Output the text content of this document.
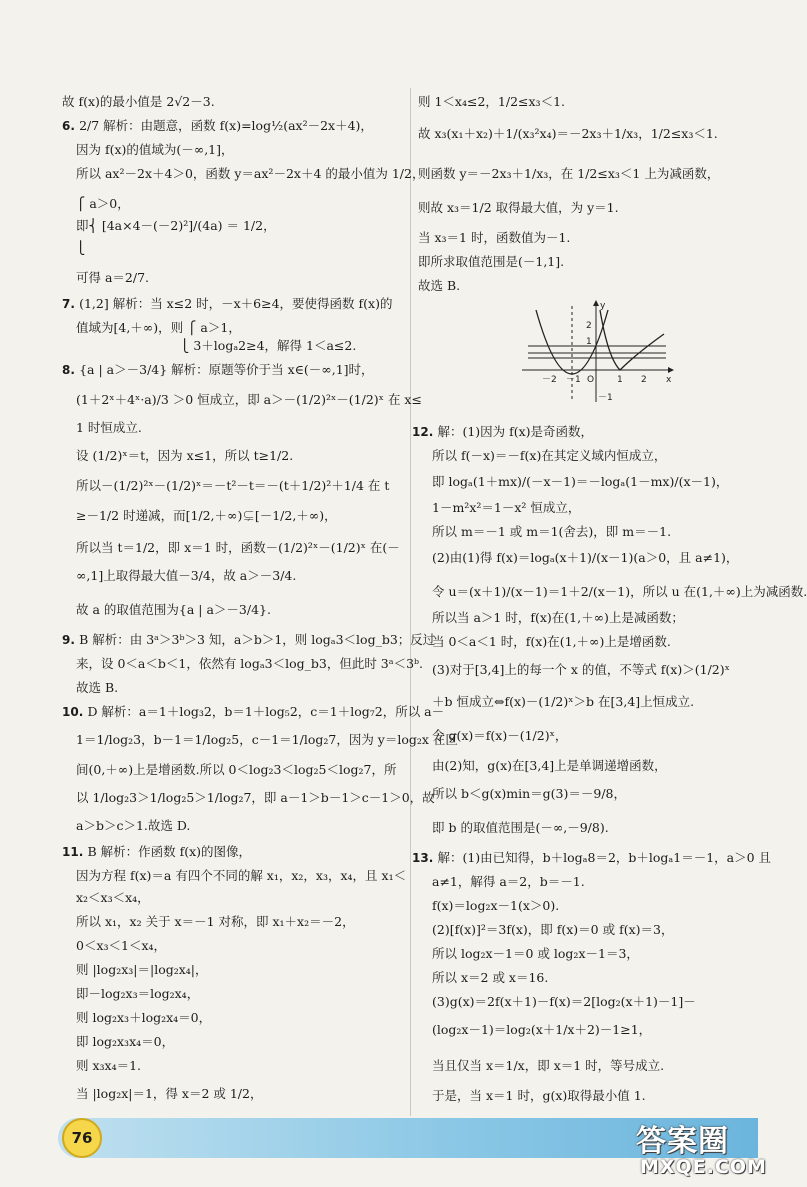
故 f(x)的最小值是 2√2－3.
6. 2/7 解析：由题意，函数 f(x)=log½(ax²－2x＋4)，
因为 f(x)的值域为(－∞,1]，
所以 ax²－2x＋4＞0，函数 y＝ax²－2x＋4 的最小值为 1/2，
⎧ a＞0，
即⎨ [4a×4－(－2)²]/(4a) ＝ 1/2，
⎩
可得 a＝2/7.
7. (1,2] 解析：当 x≤2 时，－x＋6≥4，要使得函数 f(x)的
值域为[4,＋∞)，则 ⎧ a＞1，
⎩ 3＋logₐ2≥4，解得 1＜a≤2.
8. {a | a＞－3/4} 解析：原题等价于当 x∈(－∞,1]时，
(1＋2ˣ＋4ˣ·a)/3 ＞0 恒成立，即 a＞－(1/2)²ˣ－(1/2)ˣ 在 x≤
1 时恒成立.
设 (1/2)ˣ＝t，因为 x≤1，所以 t≥1/2.
所以－(1/2)²ˣ－(1/2)ˣ＝－t²－t＝－(t＋1/2)²＋1/4 在 t
≥－1/2 时递减，而[1/2,＋∞)⊊[－1/2,＋∞)，
所以当 t＝1/2，即 x＝1 时，函数－(1/2)²ˣ－(1/2)ˣ 在(－
∞,1]上取得最大值－3/4，故 a＞－3/4.
故 a 的取值范围为{a | a＞－3/4}.
9. B 解析：由 3ᵃ＞3ᵇ＞3 知，a＞b＞1，则 logₐ3＜log_b3；反过
来，设 0＜a＜b＜1，依然有 logₐ3＜log_b3，但此时 3ᵃ＜3ᵇ.
故选 B.
10. D 解析：a＝1＋log₃2，b＝1＋log₅2，c＝1＋log₇2，所以 a－
1＝1/log₂3，b－1＝1/log₂5，c－1＝1/log₂7，因为 y＝log₂x 在区
间(0,＋∞)上是增函数.所以 0＜log₂3＜log₂5＜log₂7，所
以 1/log₂3＞1/log₂5＞1/log₂7，即 a－1＞b－1＞c－1＞0，故
a＞b＞c＞1.故选 D.
11. B 解析：作函数 f(x)的图像，
因为方程 f(x)＝a 有四个不同的解 x₁，x₂，x₃，x₄，且 x₁＜
x₂＜x₃＜x₄，
所以 x₁，x₂ 关于 x＝－1 对称，即 x₁＋x₂＝－2，
0＜x₃＜1＜x₄，
则 |log₂x₃|＝|log₂x₄|，
即－log₂x₃＝log₂x₄，
则 log₂x₃＋log₂x₄＝0，
即 log₂x₃x₄＝0，
则 x₃x₄＝1.
当 |log₂x|＝1，得 x＝2 或 1/2，
则 1＜x₄≤2，1/2≤x₃＜1.
故 x₃(x₁＋x₂)＋1/(x₃²x₄)＝－2x₃＋1/x₃，1/2≤x₃＜1.
则函数 y＝－2x₃＋1/x₃，在 1/2≤x₃＜1 上为减函数，
则故 x₃＝1/2 取得最大值，为 y＝1.
当 x₃＝1 时，函数值为－1.
即所求取值范围是(－1,1].
故选 B.
12. 解：(1)因为 f(x)是奇函数，
所以 f(－x)＝－f(x)在其定义域内恒成立，
即 logₐ(1＋mx)/(－x－1)＝－logₐ(1－mx)/(x－1)，
1－m²x²＝1－x² 恒成立，
所以 m＝－1 或 m＝1(舍去)，即 m＝－1.
(2)由(1)得 f(x)＝logₐ(x＋1)/(x－1)(a＞0，且 a≠1)，
令 u＝(x＋1)/(x－1)＝1＋2/(x－1)，所以 u 在(1,＋∞)上为减函数.
所以当 a＞1 时，f(x)在(1,＋∞)上是减函数；
当 0＜a＜1 时，f(x)在(1,＋∞)上是增函数.
(3)对于[3,4]上的每一个 x 的值，不等式 f(x)＞(1/2)ˣ
＋b 恒成立⇔f(x)－(1/2)ˣ＞b 在[3,4]上恒成立.
令 g(x)＝f(x)－(1/2)ˣ，
由(2)知，g(x)在[3,4]上是单调递增函数，
所以 b＜g(x)min＝g(3)＝－9/8，
即 b 的取值范围是(－∞,－9/8).
13. 解：(1)由已知得，b＋logₐ8＝2，b＋logₐ1＝－1，a＞0 且
a≠1，解得 a＝2，b＝－1.
f(x)＝log₂x－1(x＞0).
(2)[f(x)]²＝3f(x)，即 f(x)＝0 或 f(x)＝3，
所以 log₂x－1＝0 或 log₂x－1＝3，
所以 x＝2 或 x＝16.
(3)g(x)＝2f(x＋1)－f(x)＝2[log₂(x＋1)－1]－
(log₂x－1)＝log₂(x＋1/x＋2)－1≥1，
当且仅当 x＝1/x，即 x＝1 时，等号成立.
于是，当 x＝1 时，g(x)取得最小值 1.
－2 －1 O	1 2 x
2
1
－1
y
76	答案圈
MXQE.COM
